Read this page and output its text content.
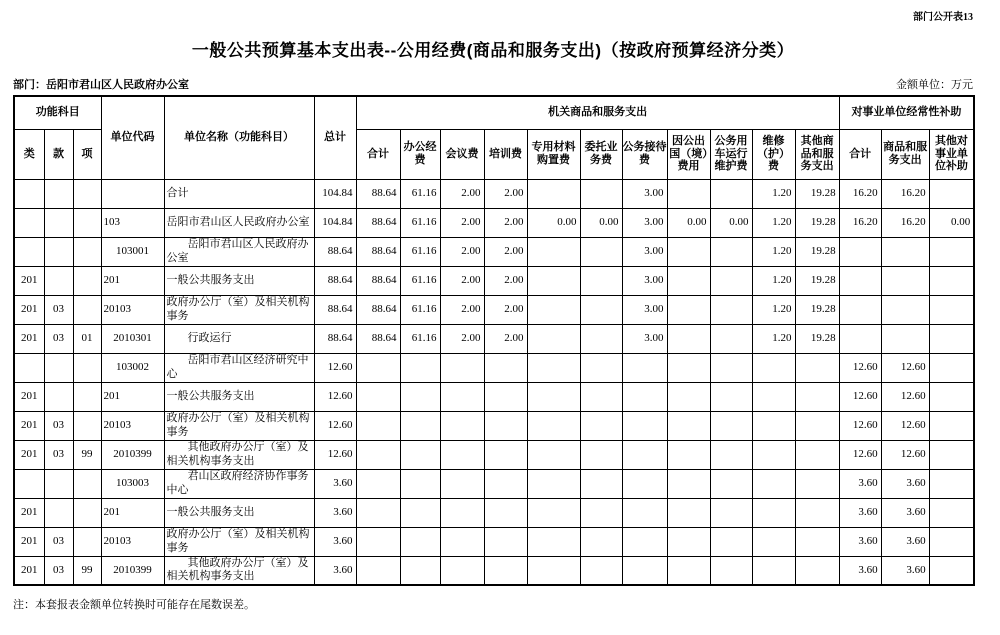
部门公开表13
一般公共预算基本支出表--公用经费(商品和服务支出)（按政府预算经济分类）
部门：岳阳市君山区人民政府办公室	金额单位：万元
功能科目			单位代码	单位名称（功能科目）	总计	机关商品和服务支出											对事业单位经常性补助		
类	款	项				合计	办公经费	会议费	培训费	专用材料购置费	委托业务费	公务接待费	因公出国（境）费用	公务用车运行维护费	维修（护）费	其他商品和服务支出	合计	商品和服务支出	其他对事业单位补助
				合计	104.84	88.64	61.16	2.00	2.00			3.00			1.20	19.28	16.20	16.20	
			103	岳阳市君山区人民政府办公室	104.84	88.64	61.16	2.00	2.00	0.00	0.00	3.00	0.00	0.00	1.20	19.28	16.20	16.20	0.00
			103001	岳阳市君山区人民政府办公室	88.64	88.64	61.16	2.00	2.00			3.00			1.20	19.28			
201			201	一般公共服务支出	88.64	88.64	61.16	2.00	2.00			3.00			1.20	19.28			
201	03		20103	政府办公厅（室）及相关机构事务	88.64	88.64	61.16	2.00	2.00			3.00			1.20	19.28			
201	03	01	2010301	行政运行	88.64	88.64	61.16	2.00	2.00			3.00			1.20	19.28			
			103002	岳阳市君山区经济研究中心	12.60												12.60	12.60	
201			201	一般公共服务支出	12.60												12.60	12.60	
201	03		20103	政府办公厅（室）及相关机构事务	12.60												12.60	12.60	
201	03	99	2010399	其他政府办公厅（室）及相关机构事务支出	12.60												12.60	12.60	
			103003	君山区政府经济协作事务中心	3.60												3.60	3.60	
201			201	一般公共服务支出	3.60												3.60	3.60	
201	03		20103	政府办公厅（室）及相关机构事务	3.60												3.60	3.60	
201	03	99	2010399	其他政府办公厅（室）及相关机构事务支出	3.60												3.60	3.60	
注：本套报表金额单位转换时可能存在尾数误差。
